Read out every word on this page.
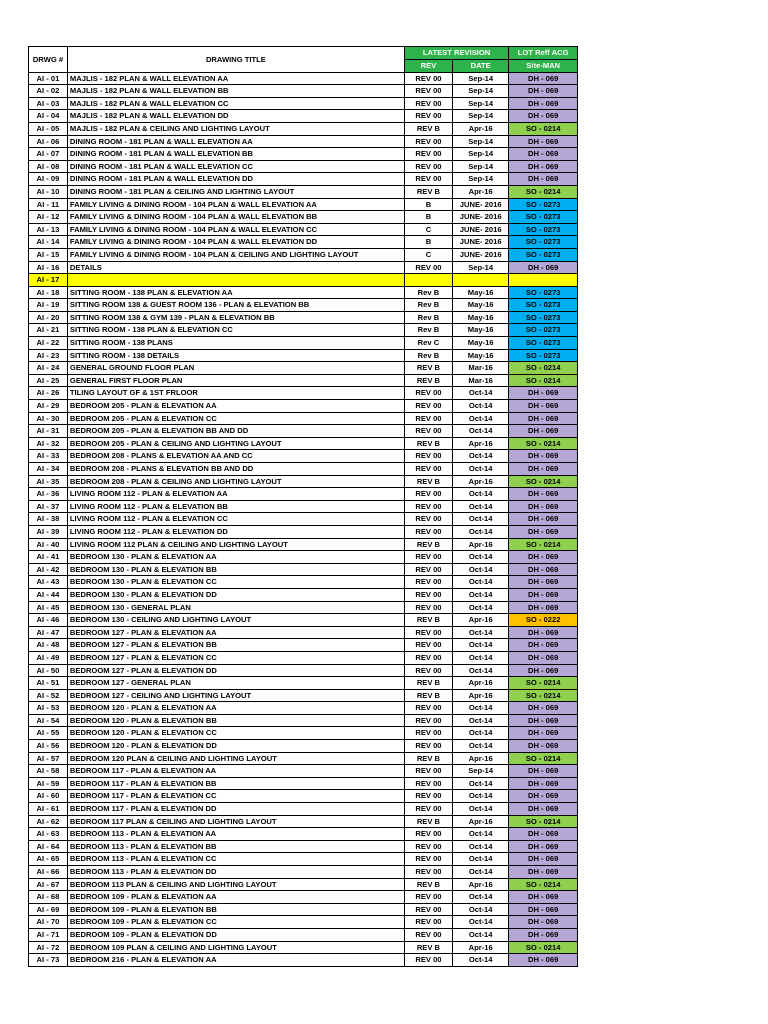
DRWG #	DRAWING TITLE	LATEST REVISION		LOT Reff ACG
		REV	DATE	Site-MAN
AI - 01	MAJLIS - 182 PLAN & WALL ELEVATION AA	REV 00	Sep-14	DH - 069
AI - 02	MAJLIS - 182 PLAN & WALL ELEVATION BB	REV 00	Sep-14	DH - 069
AI - 03	MAJLIS - 182 PLAN & WALL ELEVATION CC	REV 00	Sep-14	DH - 069
AI - 04	MAJLIS - 182 PLAN & WALL ELEVATION DD	REV 00	Sep-14	DH - 069
AI - 05	MAJLIS - 182 PLAN & CEILING AND LIGHTING LAYOUT	REV B	Apr-16	SO - 0214
AI - 06	DINING ROOM - 181 PLAN & WALL ELEVATION AA	REV 00	Sep-14	DH - 069
AI - 07	DINING ROOM - 181 PLAN & WALL ELEVATION BB	REV 00	Sep-14	DH - 069
AI - 08	DINING ROOM - 181 PLAN & WALL ELEVATION CC	REV 00	Sep-14	DH - 069
AI - 09	DINING ROOM - 181 PLAN & WALL ELEVATION DD	REV 00	Sep-14	DH - 069
AI - 10	DINING ROOM - 181 PLAN & CEILING AND LIGHTING LAYOUT	REV B	Apr-16	SO - 0214
AI - 11	FAMILY LIVING & DINING ROOM - 104 PLAN & WALL ELEVATION AA	B	JUNE- 2016	SO - 0273
AI - 12	FAMILY LIVING & DINING ROOM - 104 PLAN & WALL ELEVATION BB	B	JUNE- 2016	SO - 0273
AI - 13	FAMILY LIVING & DINING ROOM - 104 PLAN & WALL ELEVATION CC	C	JUNE- 2016	SO - 0273
AI - 14	FAMILY LIVING & DINING ROOM - 104 PLAN & WALL ELEVATION DD	B	JUNE- 2016	SO - 0273
AI - 15	FAMILY LIVING & DINING ROOM - 104 PLAN & CEILING AND LIGHTING LAYOUT	C	JUNE- 2016	SO - 0273
AI - 16	DETAILS	REV 00	Sep-14	DH - 069
AI - 17				
AI - 18	SITTING ROOM - 138 PLAN & ELEVATION AA	Rev B	May-16	SO - 0273
AI - 19	SITTING ROOM 138 & GUEST ROOM 136 - PLAN & ELEVATION BB	Rev B	May-16	SO - 0273
AI - 20	SITTING ROOM 138 & GYM 139 - PLAN & ELEVATION BB	Rev B	May-16	SO - 0273
AI - 21	SITTING ROOM - 138 PLAN & ELEVATION CC	Rev B	May-16	SO - 0273
AI - 22	SITTING ROOM - 138 PLANS	Rev C	May-16	SO - 0273
AI - 23	SITTING ROOM - 138 DETAILS	Rev B	May-16	SO - 0273
AI - 24	GENERAL GROUND FLOOR PLAN	REV B	Mar-16	SO - 0214
AI - 25	GENERAL FIRST FLOOR PLAN	REV B	Mar-16	SO - 0214
AI - 26	TILING LAYOUT GF & 1ST FRLOOR	REV 00	Oct-14	DH - 069
AI - 29	BEDROOM 205 - PLAN & ELEVATION AA	REV 00	Oct-14	DH - 069
AI - 30	BEDROOM 205 - PLAN & ELEVATION CC	REV 00	Oct-14	DH - 069
AI - 31	BEDROOM 205 - PLAN & ELEVATION BB AND DD	REV 00	Oct-14	DH - 069
AI - 32	BEDROOM 205 - PLAN & CEILING AND LIGHTING LAYOUT	REV B	Apr-16	SO - 0214
AI - 33	BEDROOM 208 - PLANS & ELEVATION AA AND CC	REV 00	Oct-14	DH - 069
AI - 34	BEDROOM 208 - PLANS & ELEVATION BB AND DD	REV 00	Oct-14	DH - 069
AI - 35	BEDROOM 208 - PLAN & CEILING AND LIGHTING LAYOUT	REV B	Apr-16	SO - 0214
AI - 36	LIVING ROOM 112 - PLAN & ELEVATION AA	REV 00	Oct-14	DH - 069
AI - 37	LIVING ROOM 112 - PLAN & ELEVATION BB	REV 00	Oct-14	DH - 069
AI - 38	LIVING ROOM 112 - PLAN & ELEVATION CC	REV 00	Oct-14	DH - 069
AI - 39	LIVING ROOM 112 - PLAN & ELEVATION DD	REV 00	Oct-14	DH - 069
AI - 40	LIVING ROOM 112 PLAN & CEILING AND LIGHTING LAYOUT	REV B	Apr-16	SO - 0214
AI - 41	BEDROOM 130 - PLAN & ELEVATION AA	REV 00	Oct-14	DH - 069
AI - 42	BEDROOM 130 - PLAN & ELEVATION BB	REV 00	Oct-14	DH - 069
AI - 43	BEDROOM 130 - PLAN & ELEVATION CC	REV 00	Oct-14	DH - 069
AI - 44	BEDROOM 130 - PLAN & ELEVATION DD	REV 00	Oct-14	DH - 069
AI - 45	BEDROOM 130 - GENERAL PLAN	REV 00	Oct-14	DH - 069
AI - 46	BEDROOM 130 - CEILING AND LIGHTING LAYOUT	REV B	Apr-16	SO - 0222
AI - 47	BEDROOM 127 - PLAN & ELEVATION AA	REV 00	Oct-14	DH - 069
AI - 48	BEDROOM 127 - PLAN & ELEVATION BB	REV 00	Oct-14	DH - 069
AI - 49	BEDROOM 127 - PLAN & ELEVATION CC	REV 00	Oct-14	DH - 069
AI - 50	BEDROOM 127 - PLAN & ELEVATION DD	REV 00	Oct-14	DH - 069
AI - 51	BEDROOM 127 - GENERAL PLAN	REV B	Apr-16	SO - 0214
AI - 52	BEDROOM 127 - CEILING AND LIGHTING LAYOUT	REV B	Apr-16	SO - 0214
AI - 53	BEDROOM 120 - PLAN & ELEVATION AA	REV 00	Oct-14	DH - 069
AI - 54	BEDROOM 120 - PLAN & ELEVATION BB	REV 00	Oct-14	DH - 069
AI - 55	BEDROOM 120 - PLAN & ELEVATION CC	REV 00	Oct-14	DH - 069
AI - 56	BEDROOM 120 - PLAN & ELEVATION DD	REV 00	Oct-14	DH - 069
AI - 57	BEDROOM 120 PLAN & CEILING AND LIGHTING LAYOUT	REV B	Apr-16	SO - 0214
AI - 58	BEDROOM 117 - PLAN & ELEVATION AA	REV 00	Sep-14	DH - 069
AI - 59	BEDROOM 117 - PLAN & ELEVATION BB	REV 00	Oct-14	DH - 069
AI - 60	BEDROOM 117 - PLAN & ELEVATION CC	REV 00	Oct-14	DH - 069
AI - 61	BEDROOM 117 - PLAN & ELEVATION DD	REV 00	Oct-14	DH - 069
AI - 62	BEDROOM 117 PLAN & CEILING AND LIGHTING LAYOUT	REV B	Apr-16	SO - 0214
AI - 63	BEDROOM 113 - PLAN & ELEVATION AA	REV 00	Oct-14	DH - 069
AI - 64	BEDROOM 113 - PLAN & ELEVATION BB	REV 00	Oct-14	DH - 069
AI - 65	BEDROOM 113 - PLAN & ELEVATION CC	REV 00	Oct-14	DH - 069
AI - 66	BEDROOM 113 - PLAN & ELEVATION DD	REV 00	Oct-14	DH - 069
AI - 67	BEDROOM 113 PLAN & CEILING AND LIGHTING LAYOUT	REV B	Apr-16	SO - 0214
AI - 68	BEDROOM 109 - PLAN & ELEVATION AA	REV 00	Oct-14	DH - 069
AI - 69	BEDROOM 109 - PLAN & ELEVATION BB	REV 00	Oct-14	DH - 069
AI - 70	BEDROOM 109 - PLAN & ELEVATION CC	REV 00	Oct-14	DH - 069
AI - 71	BEDROOM 109 - PLAN & ELEVATION DD	REV 00	Oct-14	DH - 069
AI - 72	BEDROOM 109 PLAN & CEILING AND LIGHTING LAYOUT	REV B	Apr-16	SO - 0214
AI - 73	BEDROOM 216 - PLAN & ELEVATION AA	REV 00	Oct-14	DH - 069
